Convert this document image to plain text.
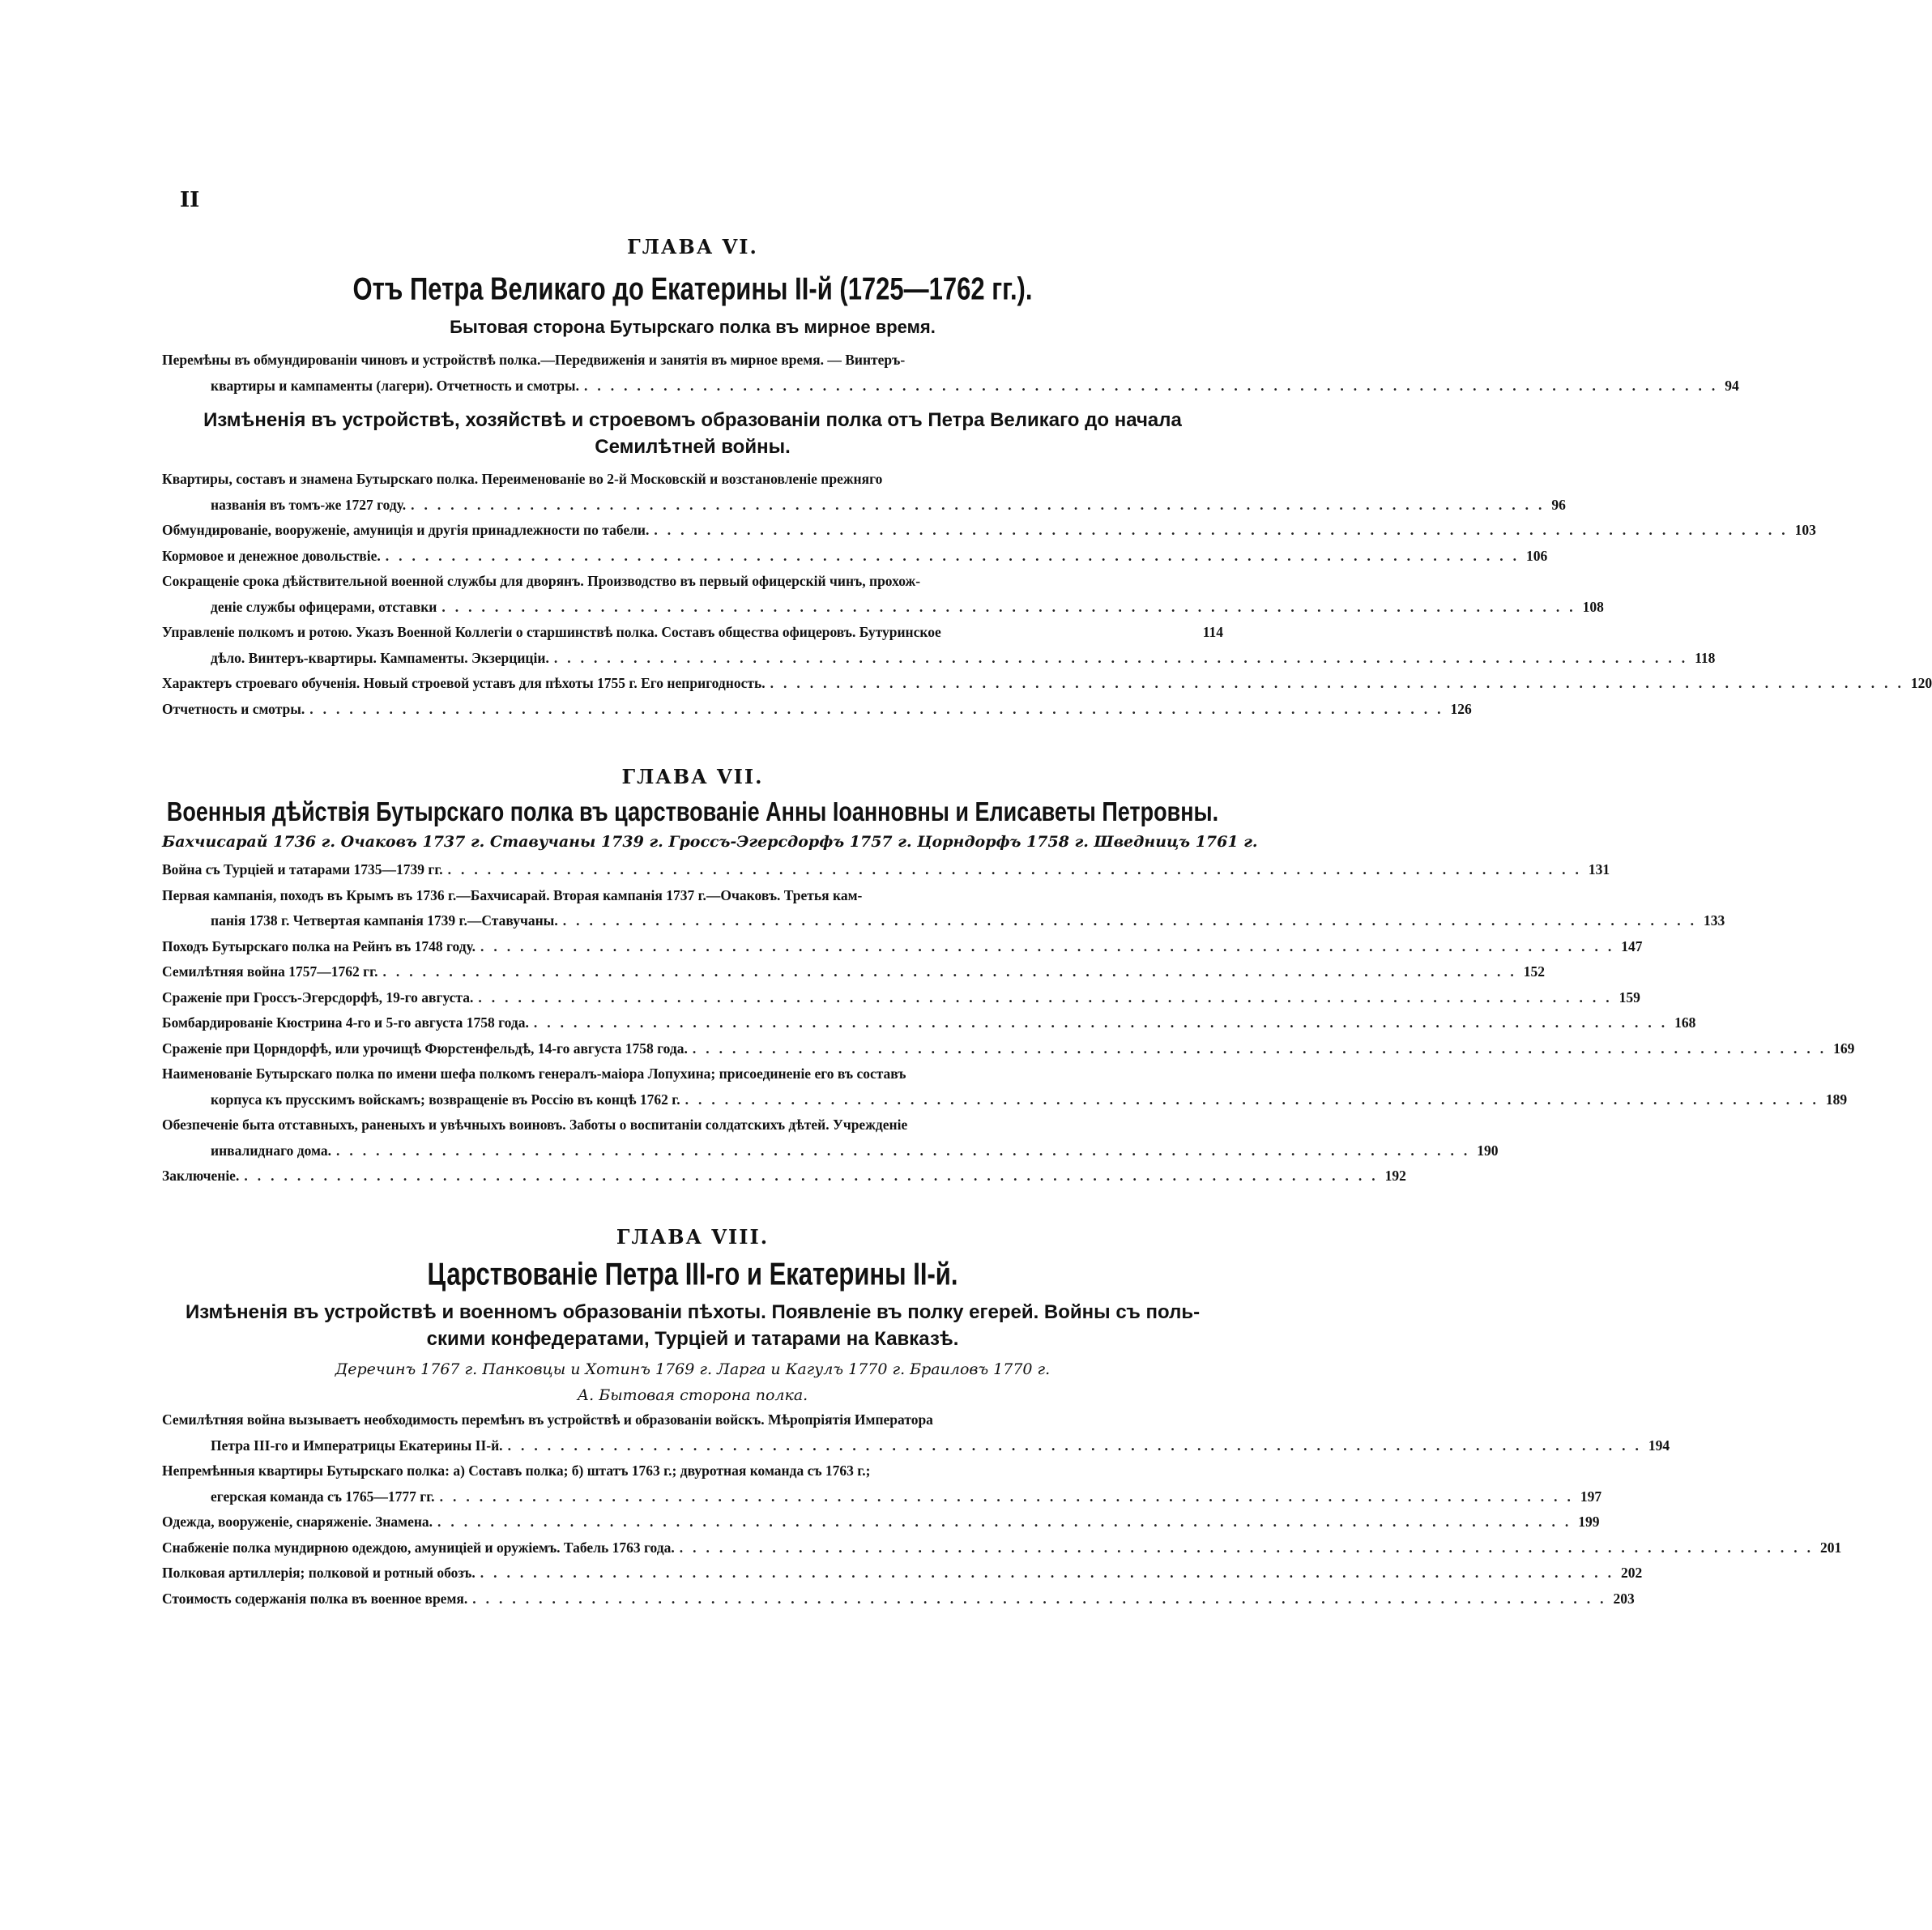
II
ГЛАВА VI.
Отъ Петра Великаго до Екатерины II-й (1725—1762 гг.).
Бытовая сторона Бутырскаго полка въ мирное время.
Перемѣны въ обмундированiи чиновъ и устройствѣ полка.—Передвиженiя и занятiя въ мирное время. — Винтеръ-
квартиры и кампаменты (лагери). Отчетность и смотры. ...................................................................................... 94
Измѣненiя въ устройствѣ, хозяйствѣ и строевомъ образованiи полка отъ Петра Великаго до начала
Семилѣтней войны.
Квартиры, составъ и знамена Бутырскаго полка. Переименованiе во 2-й Московскiй и возстановленiе прежняго
названiя въ томъ-же 1727 году. ...................................................................................... 96
Обмундированiе, вооруженiе, амуницiя и другiя принадлежности по табели. ...................................................................................... 103
Кормовое и денежное довольствiе. ...................................................................................... 106
Сокращенiе срока дѣйствительной военной службы для дворянъ. Производство въ первый офицерскiй чинъ, прохож-
денiе службы офицерами, отставки ...................................................................................... 108
Управленiе полкомъ и ротою. Указъ Военной Коллегiи о старшинствѣ полка. Составъ общества офицеровъ. Бутуринское	114
дѣло. Винтеръ-квартиры. Кампаменты. Экзерцицiи. ...................................................................................... 118
Характеръ строеваго обученiя. Новый строевой уставъ для пѣхоты 1755 г. Его непригодность. ...................................................................................... 120
Отчетность и смотры. ...................................................................................... 126
ГЛАВА VII.
Военныя дѣйствiя Бутырскаго полка въ царствованiе Анны Iоанновны и Елисаветы Петровны.
Бахчисарай 1736 г. Очаковъ 1737 г. Ставучаны 1739 г. Гроссъ-Эгерсдорфъ 1757 г. Цорндорфъ 1758 г. Шведницъ 1761 г.
Война съ Турцiей и татарами 1735—1739 гг. ...................................................................................... 131
Первая кампанiя, походъ въ Крымъ въ 1736 г.—Бахчисарай. Вторая кампанiя 1737 г.—Очаковъ. Третья кам-
панiя 1738 г. Четвертая кампанiя 1739 г.—Ставучаны. ...................................................................................... 133
Походъ Бутырскаго полка на Рейнъ въ 1748 году. ...................................................................................... 147
Семилѣтняя война 1757—1762 гг. ...................................................................................... 152
Сраженiе при Гроссъ-Эгерсдорфѣ, 19-го августа. ...................................................................................... 159
Бомбардированiе Кюстрина 4-го и 5-го августа 1758 года. ...................................................................................... 168
Сраженiе при Цорндорфѣ, или урочищѣ Фюрстенфельдѣ, 14-го августа 1758 года. ...................................................................................... 169
Наименованiе Бутырскаго полка по имени шефа полкомъ генералъ-маiора Лопухина; присоединенiе его въ составъ
корпуса къ прусскимъ войскамъ; возвращенiе въ Россiю въ концѣ 1762 г. ...................................................................................... 189
Обезпеченiе быта отставныхъ, раненыхъ и увѣчныхъ воиновъ. Заботы о воспитанiи солдатскихъ дѣтей. Учрежденiе
инвалиднаго дома. ...................................................................................... 190
Заключенiе. ...................................................................................... 192
ГЛАВА VIII.
Царствованiе Петра III-го и Екатерины II-й.
Измѣненiя въ устройствѣ и военномъ образованiи пѣхоты. Появленiе въ полку егерей. Войны съ поль-
скими конфедератами, Турцiей и татарами на Кавказѣ.
Деречинъ 1767 г. Панковцы и Хотинъ 1769 г. Ларга и Кагулъ 1770 г. Браиловъ 1770 г.
А. Бытовая сторона полка.
Семилѣтняя война вызываетъ необходимость перемѣнъ въ устройствѣ и образованiи войскъ. Мѣропрiятiя Императора
Петра III-го и Императрицы Екатерины II-й. ...................................................................................... 194
Непремѣнныя квартиры Бутырскаго полка: а) Составъ полка; б) штатъ 1763 г.; двуротная команда съ 1763 г.;
егерская команда съ 1765—1777 гг. ...................................................................................... 197
Одежда, вооруженiе, снаряженiе. Знамена. ...................................................................................... 199
Снабженiе полка мундирною одеждою, амуницiей и оружiемъ. Табель 1763 года. ...................................................................................... 201
Полковая артиллерiя; полковой и ротный обозъ. ...................................................................................... 202
Стоимость содержанiя полка въ военное время. ...................................................................................... 203
